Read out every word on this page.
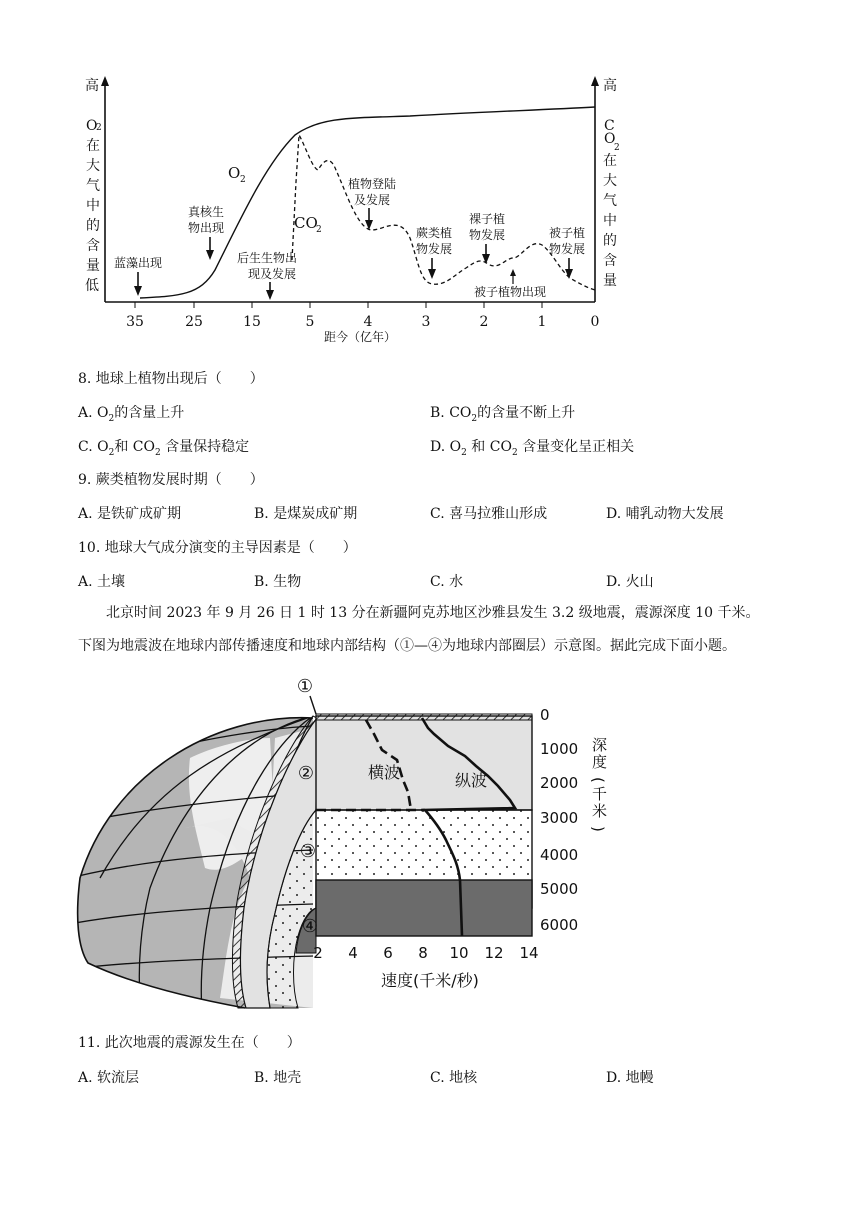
高
O
2
在
大
气
中
的
含
量
低
高
C
O
2
在
大
气
中
的
含
量
35	25	15	5	4	3	2	1	0
距今（亿年）
O 2
CO
2
蓝藻出现
真核生
物出现
后生生物出
现及发展
植物登陆
及发展
蕨类植
物发展
裸子植
物发展
被子植物出现
被子植
物发展
8. 地球上植物出现后（　　）
A. $O_2$的含量上升	B. $CO_2$的含量不断上升
C. $O_2$和 $CO_2$ 含量保持稳定	D. $O_2$ 和 $CO_2$ 含量变化呈正相关
9. 蕨类植物发展时期（　　）
A. 是铁矿成矿期	B. 是煤炭成矿期	C. 喜马拉雅山形成	D. 哺乳动物大发展
10. 地球大气成分演变的主导因素是（　　）
A. 土壤	B. 生物	C. 水	D. 火山
北京时间 2023 年 9 月 26 日 1 时 13 分在新疆阿克苏地区沙雅县发生 3.2 级地震，震源深度 10 千米。
下图为地震波在地球内部传播速度和地球内部结构（①—④为地球内部圈层）示意图。据此完成下面小题。
0
1000
2000
3000
4000
5000
6000
深
度
(
千
米
)
2 4 6 8 10 12 14
速度(千米/秒)
横波	纵波
①
②
③
④
11. 此次地震的震源发生在（　　）
A. 软流层	B. 地壳	C. 地核	D. 地幔
